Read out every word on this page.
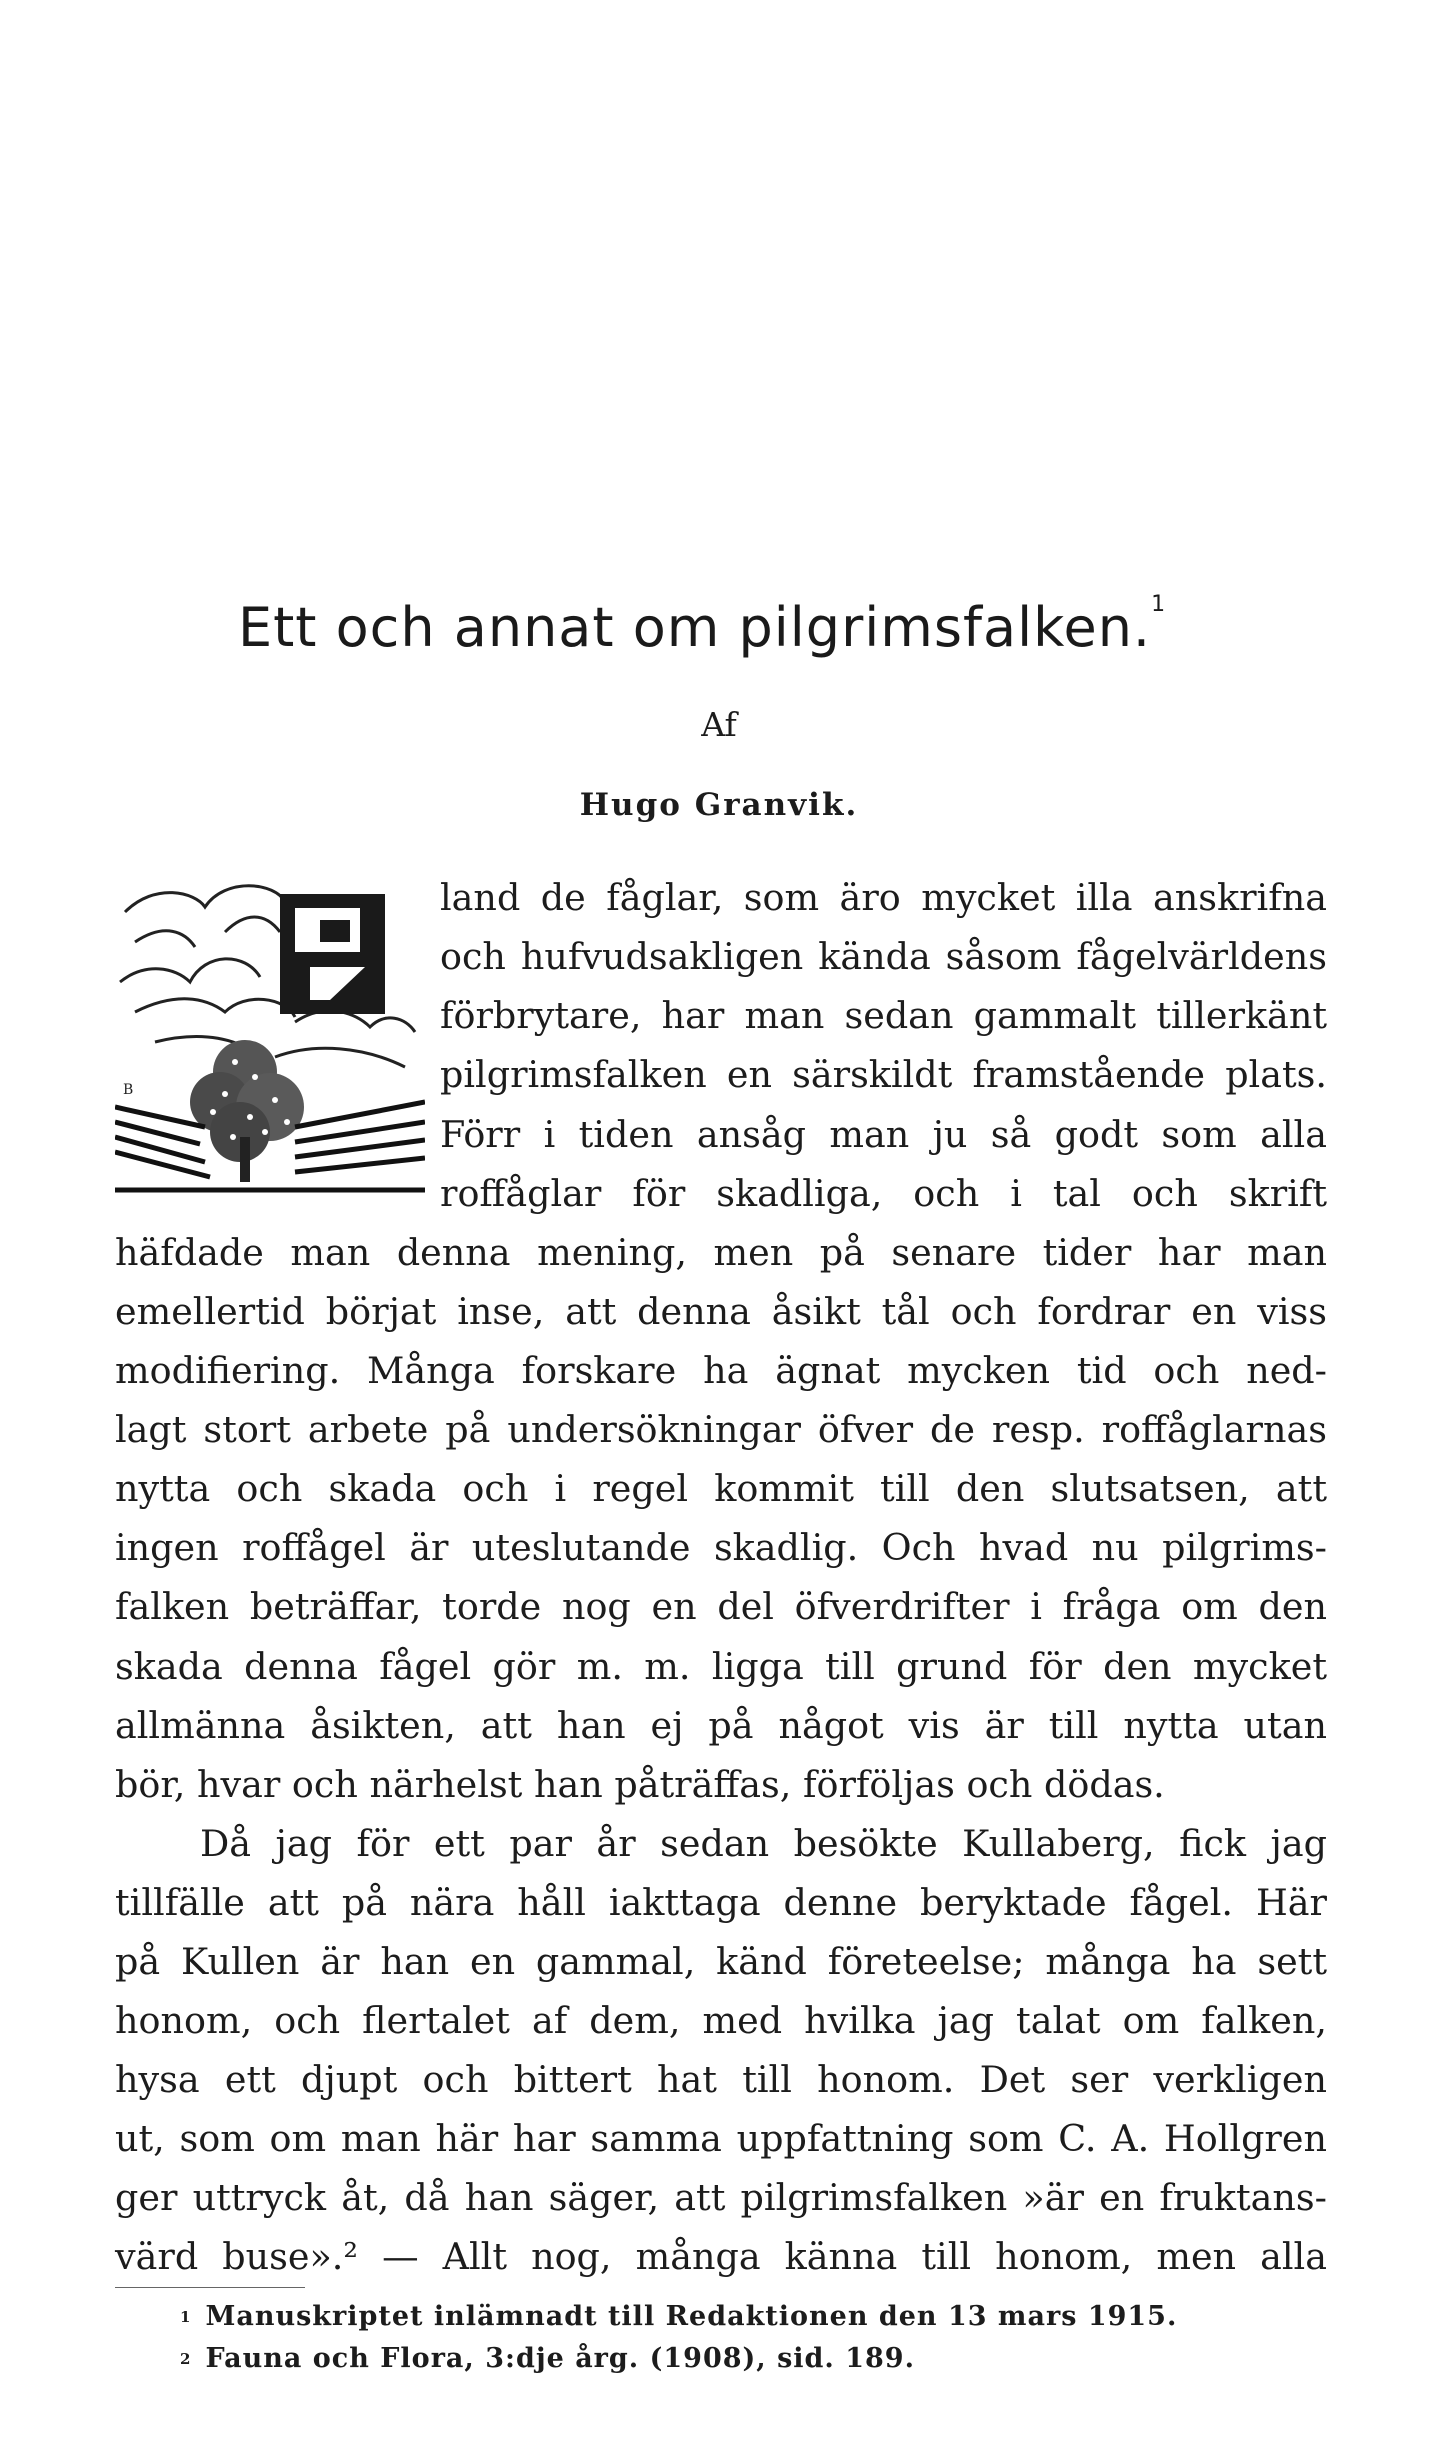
Ett och annat om pilgrimsfalken.$^1$
Af
Hugo Granvik.
B
land de fåglar, som äro mycket illa anskrifna
och hufvudsakligen kända såsom fågelvärldens
förbrytare, har man sedan gammalt tillerkänt
pilgrimsfalken en särskildt framstående plats.
Förr i tiden ansåg man ju så godt som alla
roffåglar för skadliga, och i tal och skrift
häfdade man denna mening, men på senare tider har man
emellertid börjat inse, att denna åsikt tål och fordrar en viss
modifiering. Många forskare ha ägnat mycken tid och ned-
lagt stort arbete på undersökningar öfver de resp. roffåglarnas
nytta och skada och i regel kommit till den slutsatsen, att
ingen roffågel är uteslutande skadlig. Och hvad nu pilgrims-
falken beträffar, torde nog en del öfverdrifter i fråga om den
skada denna fågel gör m. m. ligga till grund för den mycket
allmänna åsikten, att han ej på något vis är till nytta utan
bör, hvar och närhelst han påträffas, förföljas och dödas.
Då jag för ett par år sedan besökte Kullaberg, fick jag
tillfälle att på nära håll iakttaga denne beryktade fågel. Här
på Kullen är han en gammal, känd företeelse; många ha sett
honom, och flertalet af dem, med hvilka jag talat om falken,
hysa ett djupt och bittert hat till honom. Det ser verkligen
ut, som om man här har samma uppfattning som C. A. Hollgren
ger uttryck åt, då han säger, att pilgrimsfalken »är en fruktans-
värd buse».² — Allt nog, många känna till honom, men alla
$^1$ Manuskriptet inlämnadt till Redaktionen den 13 mars 1915.
$^2$ Fauna och Flora, 3:dje årg. (1908), sid. 189.
